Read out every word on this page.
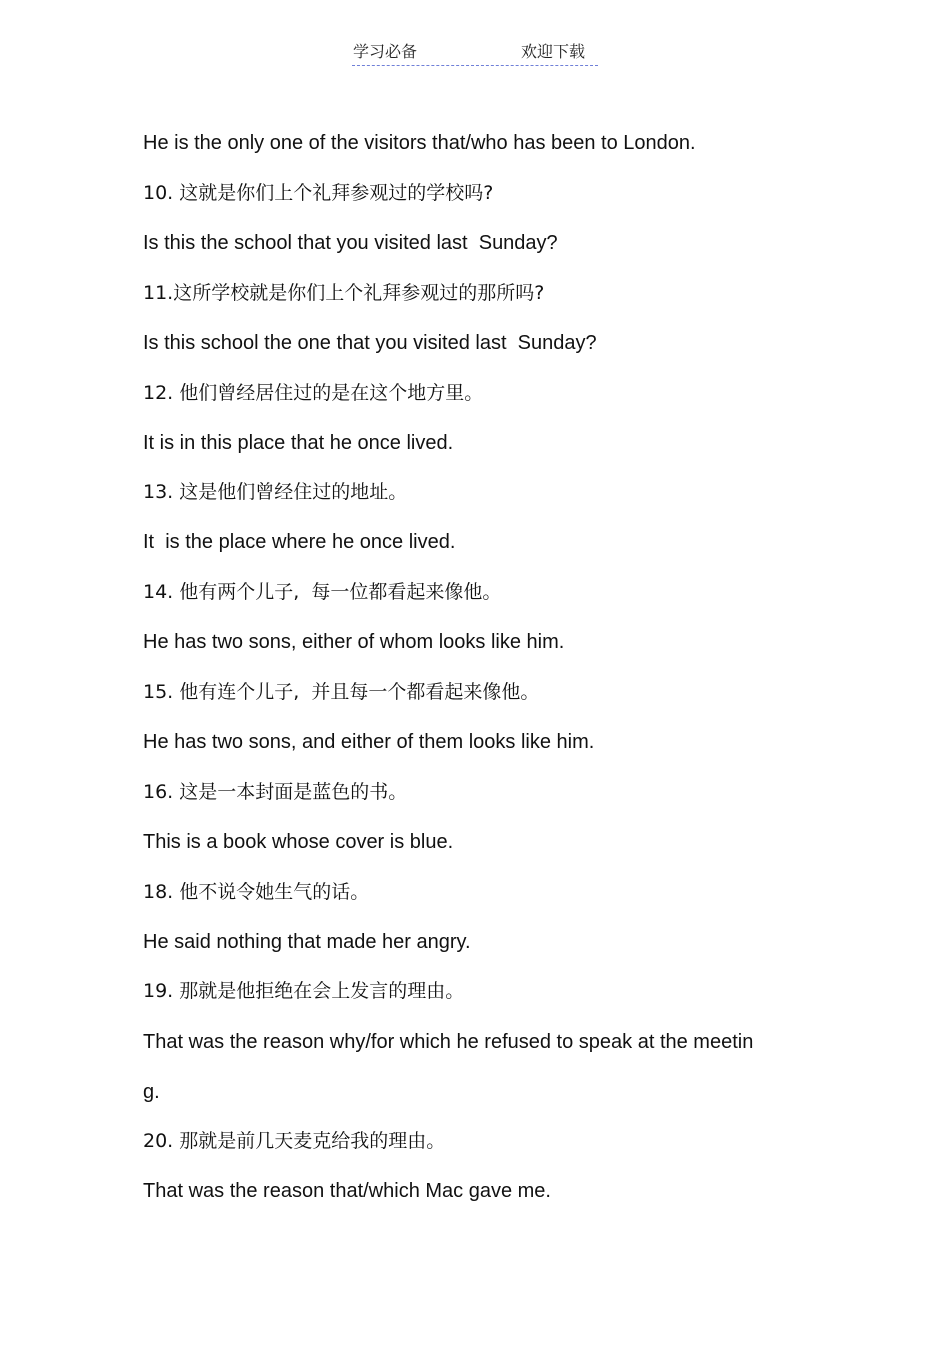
学习必备	欢迎下载
He is the only one of the visitors that/who has been to London.
10. 这就是你们上个礼拜参观过的学校吗?
Is this the school that you visited last  Sunday?
11.这所学校就是你们上个礼拜参观过的那所吗?
Is this school the one that you visited last  Sunday?
12. 他们曾经居住过的是在这个地方里。
It is in this place that he once lived.
13. 这是他们曾经住过的地址。
It  is the place where he once lived.
14. 他有两个儿子,  每一位都看起来像他。
He has two sons, either of whom looks like him.
15. 他有连个儿子,  并且每一个都看起来像他。
He has two sons, and either of them looks like him.
16. 这是一本封面是蓝色的书。
This is a book whose cover is blue.
18. 他不说令她生气的话。
He said nothing that made her angry.
19. 那就是他拒绝在会上发言的理由。
That was the reason why/for which he refused to speak at the meetin
g.
20. 那就是前几天麦克给我的理由。
That was the reason that/which Mac gave me.
